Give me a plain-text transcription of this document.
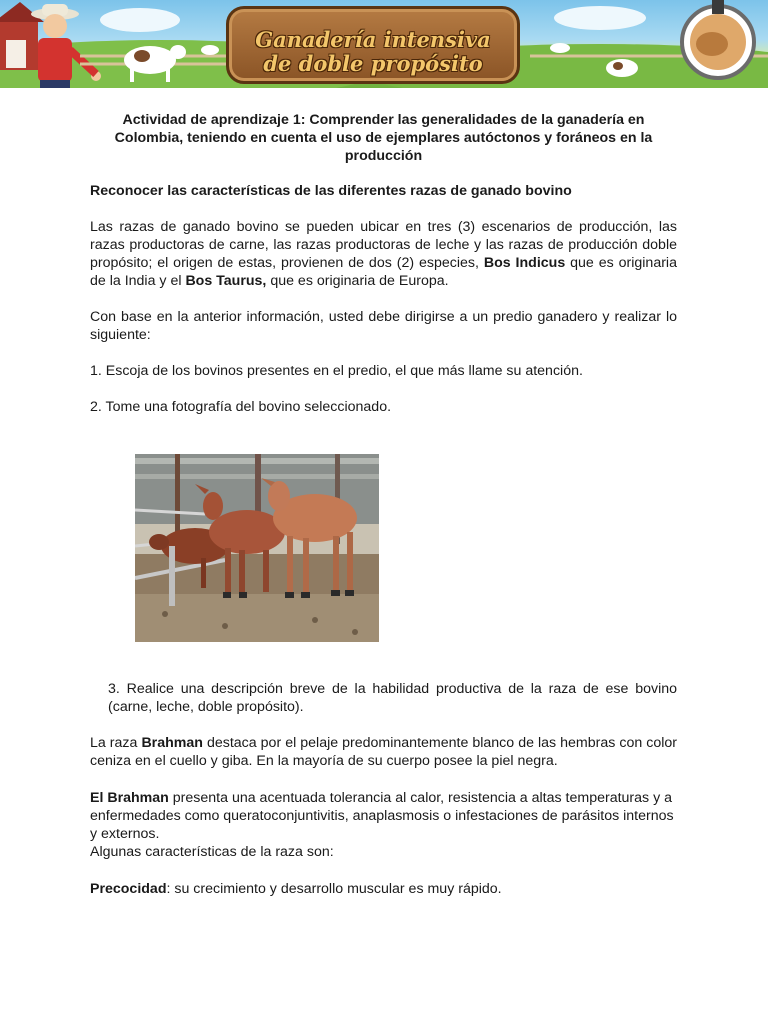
Ganadería intensiva
de doble propósito
Actividad de aprendizaje 1: Comprender las generalidades de la ganadería en Colombia, teniendo en cuenta el uso de ejemplares autóctonos y foráneos en la producción
Reconocer las características de las diferentes razas de ganado bovino
Las razas de ganado bovino se pueden ubicar en tres (3) escenarios de producción, las razas productoras de carne, las razas productoras de leche y las razas de producción doble propósito; el origen de estas, provienen de dos (2) especies, Bos Indicus que es originaria de la India y el Bos Taurus, que es originaria de Europa.
Con base en la anterior información, usted debe dirigirse a un predio ganadero y realizar lo siguiente:
1. Escoja de los bovinos presentes en el predio, el que más llame su atención.
2. Tome una fotografía del bovino seleccionado.
3. Realice una descripción breve de la habilidad productiva de la raza de ese bovino (carne, leche, doble propósito).
La raza Brahman destaca por el pelaje predominantemente blanco de las hembras con color ceniza en el cuello y giba. En la mayoría de su cuerpo posee la piel negra.
El Brahman presenta una acentuada tolerancia al calor, resistencia a altas temperaturas y a enfermedades como queratoconjuntivitis, anaplasmosis o infestaciones de parásitos internos y externos.
Algunas características de la raza son:
Precocidad: su crecimiento y desarrollo muscular es muy rápido.
